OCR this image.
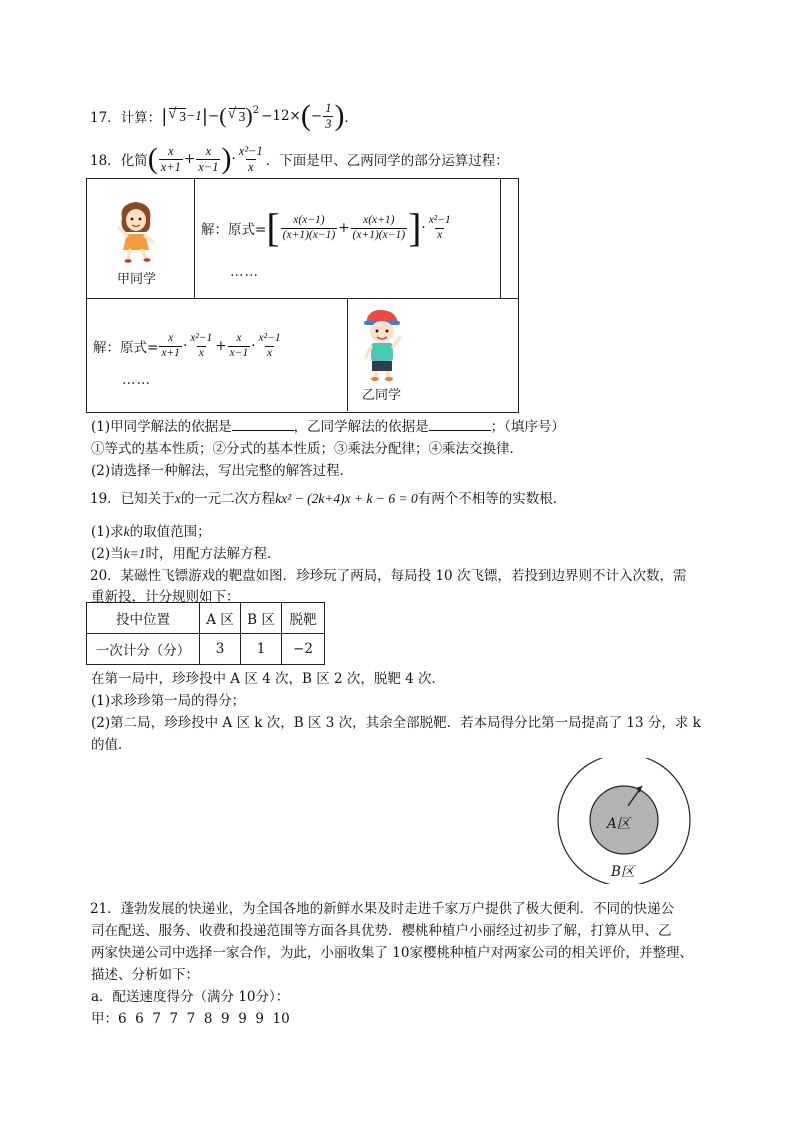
17． 计算： | √ 3 −1 | − ( √ 3 )$^2$ −12× ( − $\frac{1}{3}$ ) ．
18． 化简 ( $\frac{x}{x+1} + \frac{x}{x-1}$ ) · $\frac{\text{x²−1}}{x}$ ．下面是甲、乙两同学的部分运算过程：
甲同学
解：原式= [ $\frac{x(x-1)}{(x+1)(x-1)} + \frac{x(x+1)}{(x+1)(x-1)}$ ] · $\frac{\text{x²−1}}{x}$
……
解：原式= $\frac{x}{x+1} \cdot \frac{\text{x²−1}}{x} + \frac{x}{x-1} \cdot \frac{\text{x²−1}}{x}$
……
乙同学
(1)甲同学解法的依据是	，乙同学解法的依据是	；（填序号）
①等式的基本性质；②分式的基本性质；③乘法分配律；④乘法交换律．
(2)请选择一种解法，写出完整的解答过程．
19．已知关于x的一元二次方程kx² − (2k+4)x + k − 6 = 0有两个不相等的实数根．
(1)求k的取值范围；
(2)当k=1时，用配方法解方程．
20．某磁性飞镖游戏的靶盘如图．珍珍玩了两局，每局投 10 次飞镖，若投到边界则不计入次数，需
重新投，计分规则如下：
投中位置	A 区	B 区	脱靶
一次计分（分）	3	1	−2
在第一局中，珍珍投中 A 区 4 次，B 区 2 次，脱靶 4 次．
(1)求珍珍第一局的得分；
(2)第二局，珍珍投中 A 区 k 次，B 区 3 次，其余全部脱靶．若本局得分比第一局提高了 13 分，求 k
的值．
A区
B区
21．蓬勃发展的快递业，为全国各地的新鲜水果及时走进千家万户提供了极大便利．不同的快递公
司在配送、服务、收费和投递范围等方面各具优势．樱桃种植户小丽经过初步了解，打算从甲、乙
两家快递公司中选择一家合作，为此，小丽收集了 10家樱桃种植户对两家公司的相关评价，并整理、
描述、分析如下：
a．配送速度得分（满分 10分）：
甲：6  6  7  7  7  8  9  9  9  10
